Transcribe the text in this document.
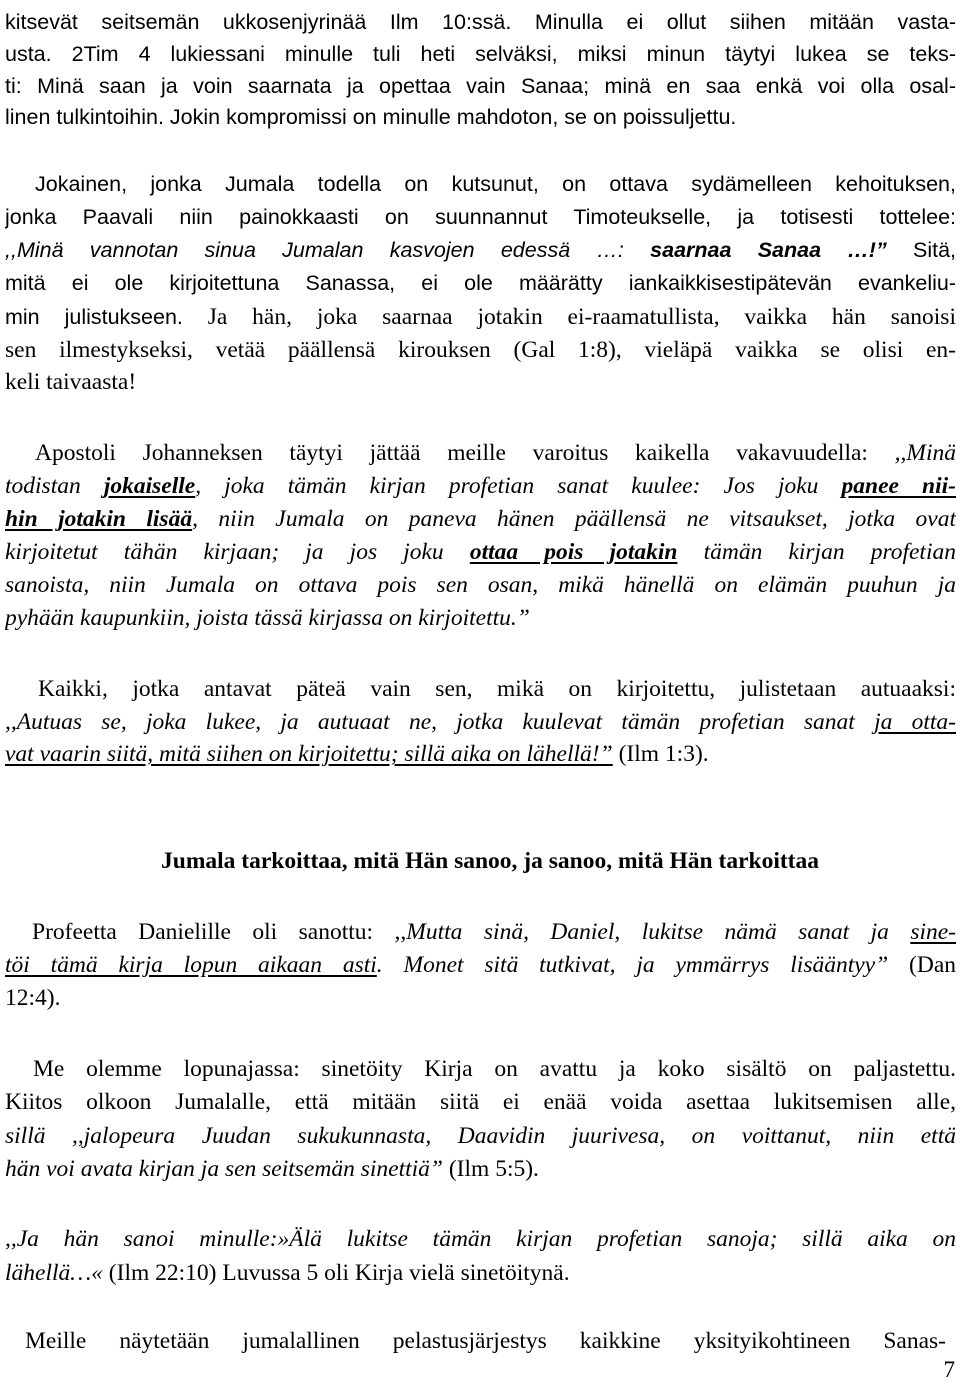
kitsevät seitsemän ukkosenjyrinää Ilm 10:ssä. Minulla ei ollut siihen mitään vasta-
usta. 2Tim 4 lukiessani minulle tuli heti selväksi, miksi minun täytyi lukea se teks-
ti: Minä saan ja voin saarnata ja opettaa vain Sanaa; minä en saa enkä voi olla osal-
linen tulkintoihin. Jokin kompromissi on minulle mahdoton, se on poissuljettu.
Jokainen, jonka Jumala todella on kutsunut, on ottava sydämelleen kehoituksen,
jonka Paavali niin painokkaasti on suunnannut Timoteukselle, ja totisesti tottelee:
,,Minä vannotan sinua Jumalan kasvojen edessä …: saarnaa Sanaa …!” Sitä,
mitä ei ole kirjoitettuna Sanassa, ei ole määrätty iankaikkisestipätevän evankeliu-
min julistukseen. Ja hän, joka saarnaa jotakin ei-raamatullista, vaikka hän sanoisi
sen ilmestykseksi, vetää päällensä kirouksen (Gal 1:8), vieläpä vaikka se olisi en-
keli taivaasta!
Apostoli Johanneksen täytyi jättää meille varoitus kaikella vakavuudella: ,,Minä
todistan jokaiselle, joka tämän kirjan profetian sanat kuulee: Jos joku panee nii-
hin jotakin lisää, niin Jumala on paneva hänen päällensä ne vitsaukset, jotka ovat
kirjoitetut tähän kirjaan; ja jos joku ottaa pois jotakin tämän kirjan profetian
sanoista, niin Jumala on ottava pois sen osan, mikä hänellä on elämän puuhun ja
pyhään kaupunkiin, joista tässä kirjassa on kirjoitettu.”
Kaikki, jotka antavat päteä vain sen, mikä on kirjoitettu, julistetaan autuaaksi:
,,Autuas se, joka lukee, ja autuaat ne, jotka kuulevat tämän profetian sanat ja otta-
vat vaarin siitä, mitä siihen on kirjoitettu; sillä aika on lähellä!” (Ilm 1:3).
Jumala tarkoittaa, mitä Hän sanoo, ja sanoo, mitä Hän tarkoittaa
Profeetta Danielille oli sanottu: ,,Mutta sinä, Daniel, lukitse nämä sanat ja sine-
töi tämä kirja lopun aikaan asti. Monet sitä tutkivat, ja ymmärrys lisääntyy” (Dan
12:4).
Me olemme lopunajassa: sinetöity Kirja on avattu ja koko sisältö on paljastettu.
Kiitos olkoon Jumalalle, että mitään siitä ei enää voida asettaa lukitsemisen alle,
sillä ,,jalopeura Juudan sukukunnasta, Daavidin juurivesa, on voittanut, niin että
hän voi avata kirjan ja sen seitsemän sinettiä” (Ilm 5:5).
,,Ja hän sanoi minulle:»Älä lukitse tämän kirjan profetian sanoja; sillä aika on
lähellä…« (Ilm 22:10) Luvussa 5 oli Kirja vielä sinetöitynä.
Meille näytetään jumalallinen pelastusjärjestys kaikkine yksityikohtineen Sanas-
7
